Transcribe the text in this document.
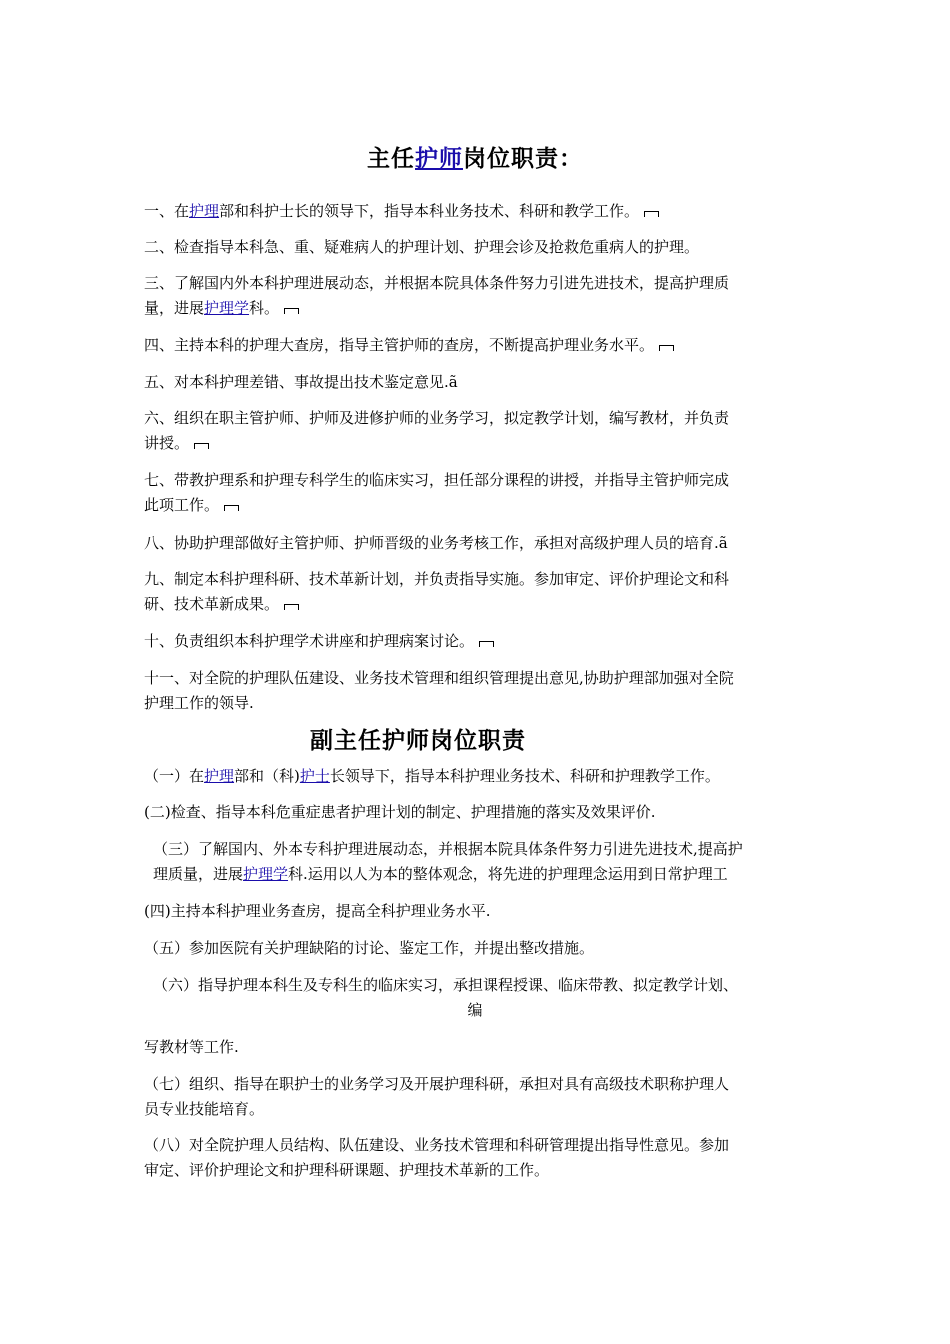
主任护师岗位职责：
一、在护理部和科护士长的领导下，指导本科业务技术、科研和教学工作。
二、检查指导本科急、重、疑难病人的护理计划、护理会诊及抢救危重病人的护理。
三、了解国内外本科护理进展动态，并根据本院具体条件努力引进先进技术，提高护理质
量，进展护理学科。
四、主持本科的护理大查房，指导主管护师的查房，不断提高护理业务水平。
五、对本科护理差错、事故提出技术鉴定意见.ã
六、组织在职主管护师、护师及进修护师的业务学习，拟定教学计划，编写教材，并负责
讲授。
七、带教护理系和护理专科学生的临床实习，担任部分课程的讲授，并指导主管护师完成
此项工作。
八、协助护理部做好主管护师、护师晋级的业务考核工作，承担对高级护理人员的培育.ã
九、制定本科护理科研、技术革新计划，并负责指导实施。参加审定、评价护理论文和科
研、技术革新成果。
十、负责组织本科护理学术讲座和护理病案讨论。
十一、对全院的护理队伍建设、业务技术管理和组织管理提出意见,协助护理部加强对全院
护理工作的领导.
副主任护师岗位职责
（一）在护理部和（科)护士长领导下，指导本科护理业务技术、科研和护理教学工作。
(二)检查、指导本科危重症患者护理计划的制定、护理措施的落实及效果评价.
（三）了解国内、外本专科护理进展动态，并根据本院具体条件努力引进先进技术,提高护
理质量，进展护理学科.运用以人为本的整体观念，将先进的护理理念运用到日常护理工
(四)主持本科护理业务查房，提高全科护理业务水平.
（五）参加医院有关护理缺陷的讨论、鉴定工作，并提出整改措施。
（六）指导护理本科生及专科生的临床实习，承担课程授课、临床带教、拟定教学计划、
编
写教材等工作.
（七）组织、指导在职护士的业务学习及开展护理科研，承担对具有高级技术职称护理人
员专业技能培育。
（八）对全院护理人员结构、队伍建设、业务技术管理和科研管理提出指导性意见。参加
审定、评价护理论文和护理科研课题、护理技术革新的工作。
